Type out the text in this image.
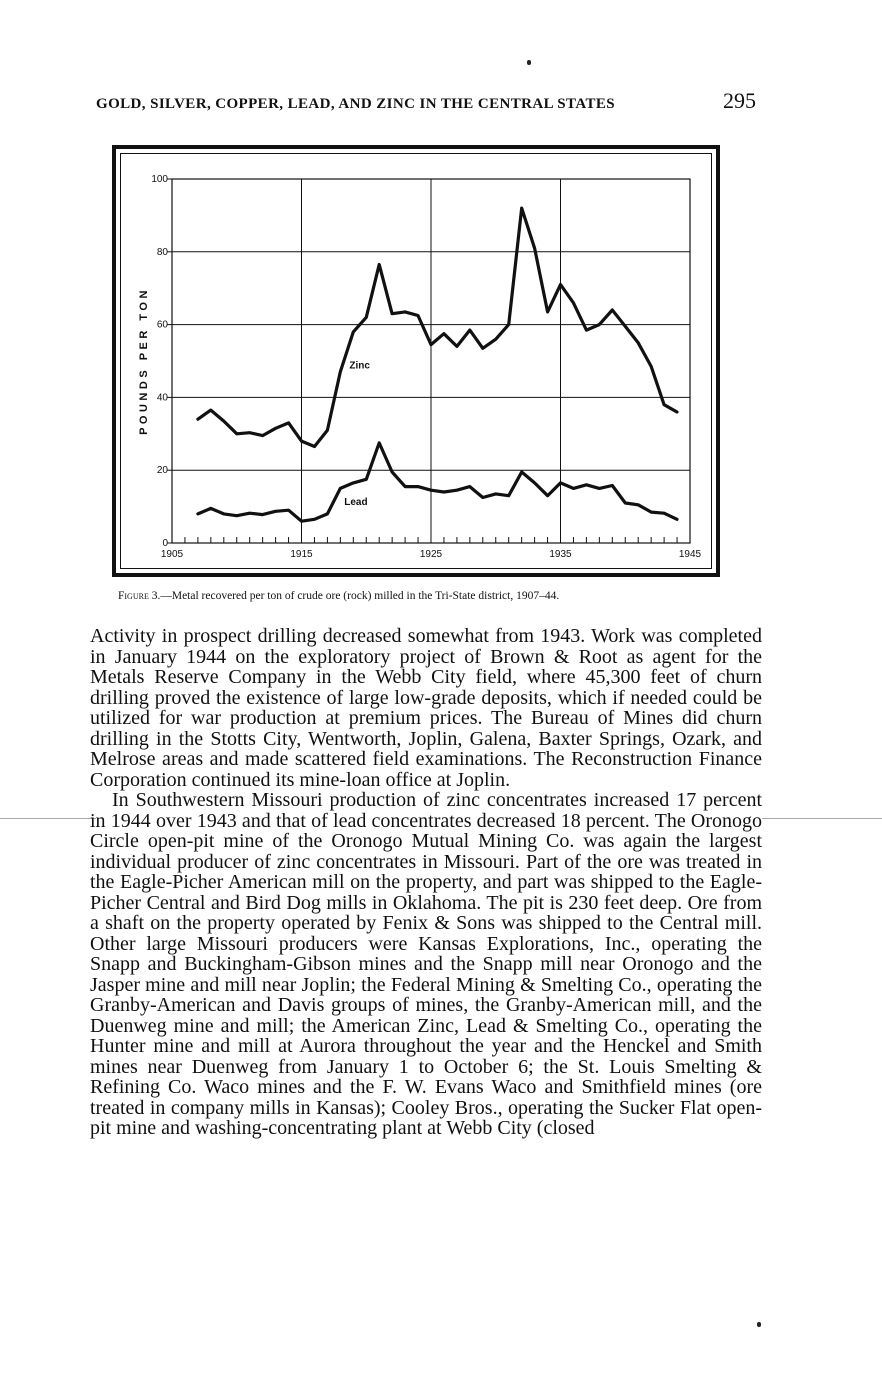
GOLD, SILVER, COPPER, LEAD, AND ZINC IN THE CENTRAL STATES	295
0
20
40
60
80
100
1905	1915	1925	1935	1945
POUNDS PER TON	Zinc
Lead
Figure 3.—Metal recovered per ton of crude ore (rock) milled in the Tri-State district, 1907–44.

Activity in prospect drilling decreased somewhat from 1943. Work was completed in January 1944 on the exploratory project of Brown & Root as agent for the Metals Reserve Company in the Webb City field, where 45,300 feet of churn drilling proved the existence of large low-grade deposits, which if needed could be utilized for war production at premium prices. The Bureau of Mines did churn drilling in the Stotts City, Wentworth, Joplin, Galena, Baxter Springs, Ozark, and Melrose areas and made scattered field examinations. The Reconstruction Finance Corporation continued its mine-loan office at Joplin.

In Southwestern Missouri production of zinc concentrates increased 17 percent in 1944 over 1943 and that of lead concentrates decreased 18 percent. The Oronogo Circle open-pit mine of the Oronogo Mutual Mining Co. was again the largest individual producer of zinc concentrates in Missouri. Part of the ore was treated in the Eagle-Picher American mill on the property, and part was shipped to the Eagle-Picher Central and Bird Dog mills in Oklahoma. The pit is 230 feet deep. Ore from a shaft on the property operated by Fenix & Sons was shipped to the Central mill. Other large Missouri producers were Kansas Explorations, Inc., operating the Snapp and Buckingham-Gibson mines and the Snapp mill near Oronogo and the Jasper mine and mill near Joplin; the Federal Mining & Smelting Co., operating the Granby-American and Davis groups of mines, the Granby-American mill, and the Duenweg mine and mill; the American Zinc, Lead & Smelting Co., operating the Hunter mine and mill at Aurora throughout the year and the Henckel and Smith mines near Duenweg from January 1 to October 6; the St. Louis Smelting & Refining Co. Waco mines and the F. W. Evans Waco and Smithfield mines (ore treated in company mills in Kansas); Cooley Bros., operating the Sucker Flat open-pit mine and washing-concentrating plant at Webb City (closed
